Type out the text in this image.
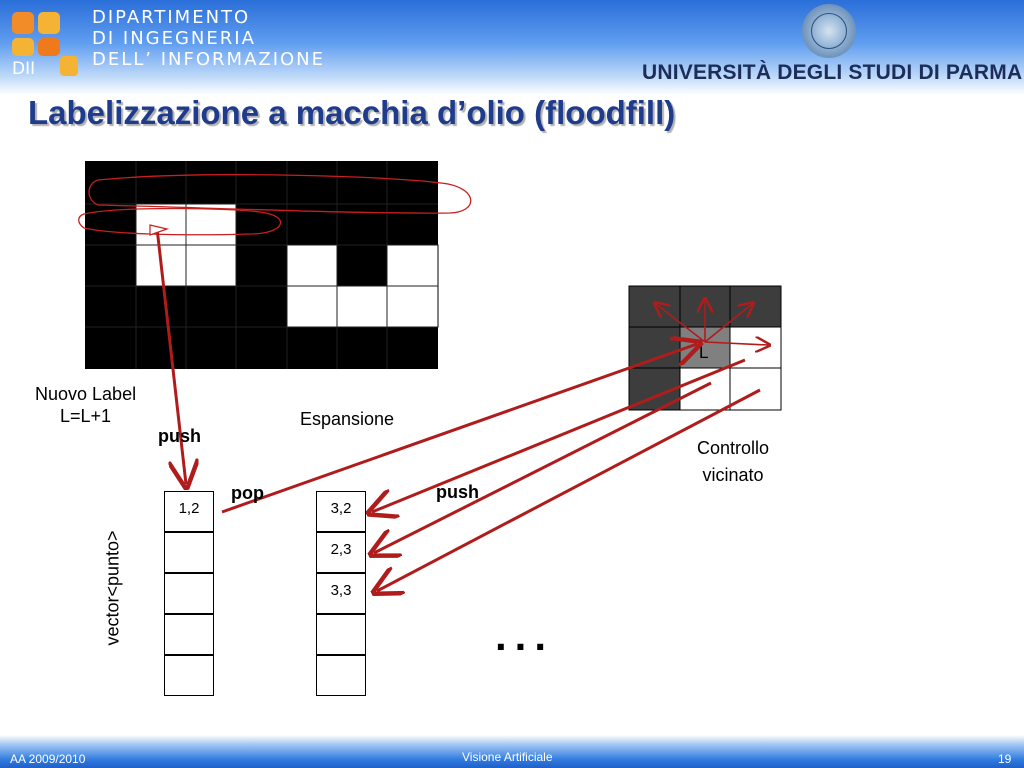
DII
DIPARTIMENTO
DI INGEGNERIA
DELL’ INFORMAZIONE
UNIVERSITÀ DEGLI STUDI DI PARMA
Labelizzazione a macchia d’olio (floodfill)
L
Nuovo Label
L=L+1
push
Espansione
pop	push
Controllo
vicinato
vector<punto>
1,2	3,2
2,3
3,3
...
AA 2009/2010	Visione Artificiale	19
